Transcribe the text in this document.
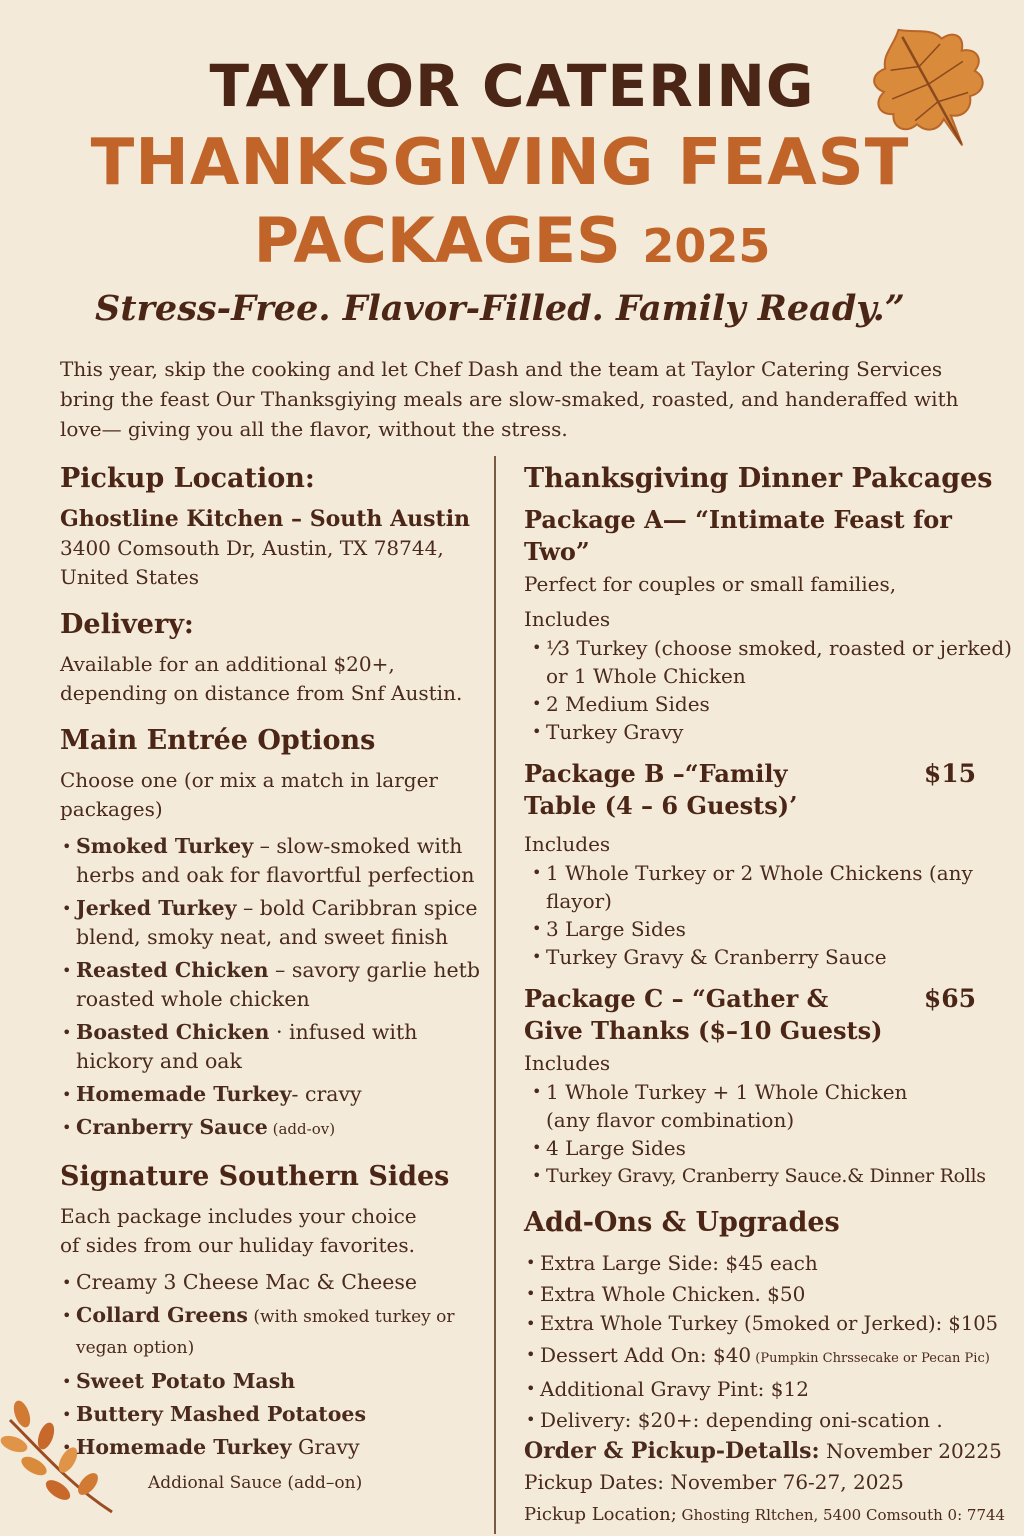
TAYLOR CATERING
THANKSGIVING FEAST
PACKAGES 2025
Stress-Free. Flavor-Filled. Family Ready.”
This year, skip the cooking and let Chef Dash and the team at Taylor Catering Services bring the feast Our Thanksgiying meals are slow-smaked, roasted, and handeraffed with love— giving you all the flavor, without the stress.
Pickup Location:
Ghostline Kitchen – South Austin

3400 Comsouth Dr, Austin, TX 78744, United States

Delivery:

Available for an additional $20+, depending on distance from Snf Austin.

Main Entrée Options

Choose one (or mix a match in larger packages)

• Smoked Turkey – slow-smoked with herbs and oak for flavortful perfection
• Jerked Turkey – bold Caribbran spice blend, smoky neat, and sweet finish
• Reasted Chicken – savory garlie hetb roasted whole chicken
• Boasted Chicken · infused with hickory and oak
• Homemade Turkey- cravy
• Cranberry Sauce (add-ov)
Signature Southern Sides

Each package includes your choice of sides from our huliday favorites.

• Creamy 3 Cheese Mac & Cheese
• Collard Greens (with smoked turkey or vegan option)
• Sweet Potato Mash
• Buttery Mashed Potatoes
• Homemade Turkey Gravy
Addional Sauce (add–on)
Thanksgiving Dinner Pakcages
Package A— “Intimate Feast for Two”

Perfect for couples or small families,

Includes

• ⅟3 Turkey (choose smoked, roasted or jerked) or 1 Whole Chicken
• 2 Medium Sides
• Turkey Gravy
Package B –“Family Table (4 – 6 Guests)’
$15

Includes

• 1 Whole Turkey or 2 Whole Chickens (any flayor)
• 3 Large Sides
• Turkey Gravy & Cranberry Sauce
Package C – “Gather & Give Thanks ($–10 Guests)
$65

Includes

• 1 Whole Turkey + 1 Whole Chicken (any flavor combination)
• 4 Large Sides
• Turkey Gravy, Cranberry Sauce.& Dinner Rolls
Add-Ons & Upgrades
• Extra Large Side: $45 each
• Extra Whole Chicken. $50
• Extra Whole Turkey (5moked or Jerked): $105
• Dessert Add On: $40 (Pumpkin Chrssecake or Pecan Pic)
• Additional Gravy Pint: $12
• Delivery: $20+: depending oni-scation .
Order & Pickup-Detalls: November 20225
Pickup Dates: November 76-27, 2025
Pickup Location; Ghosting Rltchen, 5400 Comsouth 0: 7744
